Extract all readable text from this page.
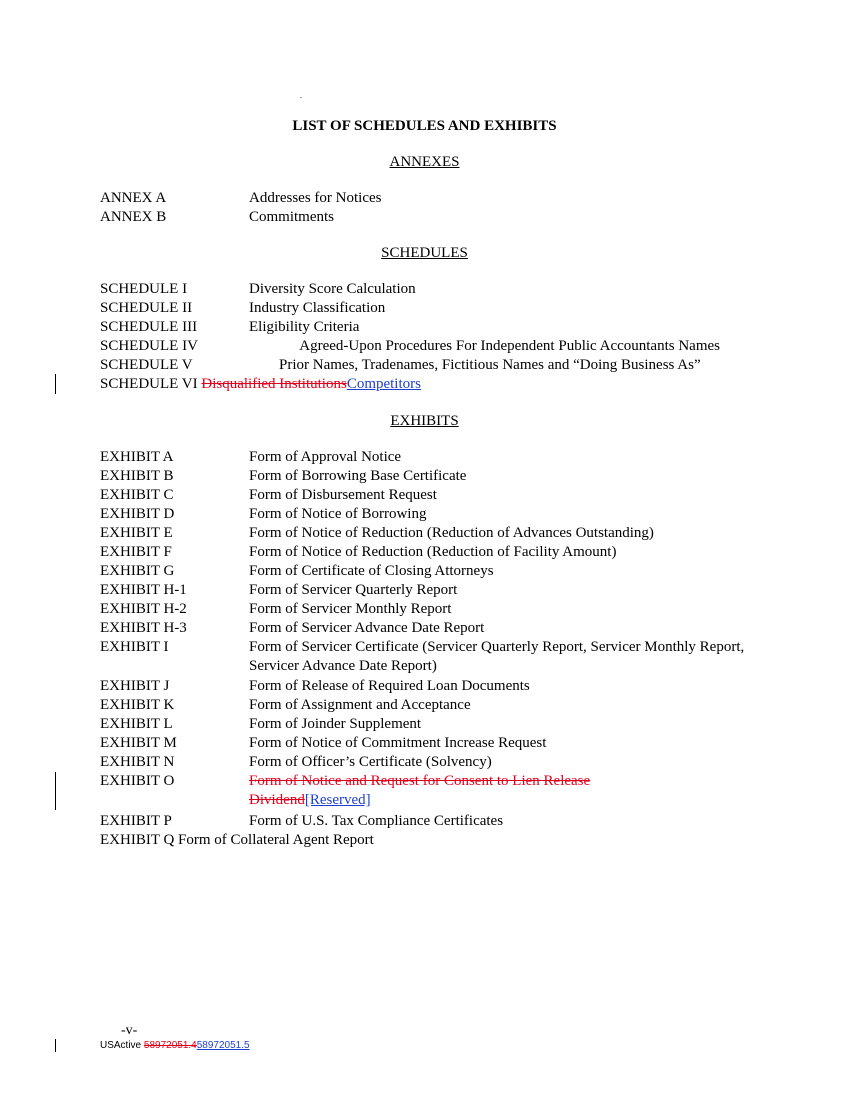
.
LIST OF SCHEDULES AND EXHIBITS
ANNEXES
ANNEX A	Addresses for Notices
ANNEX B	Commitments
SCHEDULES
SCHEDULE I	Diversity Score Calculation
SCHEDULE II	Industry Classification
SCHEDULE III	Eligibility Criteria
SCHEDULE IV	Agreed-Upon Procedures For Independent Public Accountants Names
SCHEDULE V	Prior Names, Tradenames, Fictitious Names and “Doing Business As”
SCHEDULE VI Disqualified InstitutionsCompetitors
EXHIBITS
EXHIBIT A	Form of Approval Notice
EXHIBIT B	Form of Borrowing Base Certificate
EXHIBIT C	Form of Disbursement Request
EXHIBIT D	Form of Notice of Borrowing
EXHIBIT E	Form of Notice of Reduction (Reduction of Advances Outstanding)
EXHIBIT F	Form of Notice of Reduction (Reduction of Facility Amount)
EXHIBIT G	Form of Certificate of Closing Attorneys
EXHIBIT H-1	Form of Servicer Quarterly Report
EXHIBIT H-2	Form of Servicer Monthly Report
EXHIBIT H-3	Form of Servicer Advance Date Report
EXHIBIT I	Form of Servicer Certificate (Servicer Quarterly Report, Servicer Monthly Report, Servicer Advance Date Report)
EXHIBIT J	Form of Release of Required Loan Documents
EXHIBIT K	Form of Assignment and Acceptance
EXHIBIT L	Form of Joinder Supplement
EXHIBIT M	Form of Notice of Commitment Increase Request
EXHIBIT N	Form of Officer’s Certificate (Solvency)
EXHIBIT O	Form of Notice and Request for Consent to Lien Release
Dividend[Reserved]
EXHIBIT P	Form of U.S. Tax Compliance Certificates
EXHIBIT Q Form of Collateral Agent Report
-v-
USActive 58972051.458972051.5
